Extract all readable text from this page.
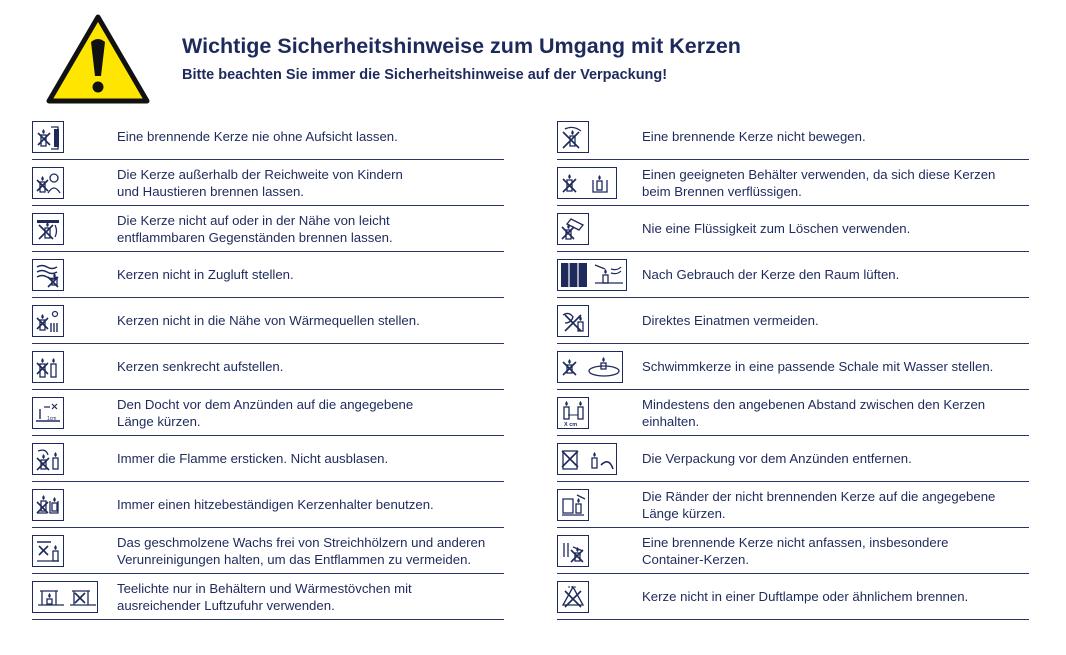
Wichtige Sicherheitshinweise zum Umgang mit Kerzen
Bitte beachten Sie immer die Sicherheitshinweise auf der Verpackung!
Eine brennende Kerze nie ohne Aufsicht lassen.
Die Kerze außerhalb der Reichweite von Kindern
und Haustieren brennen lassen.
Die Kerze nicht auf oder in der Nähe von leicht
entflammbaren Gegenständen brennen lassen.
Kerzen nicht in Zugluft stellen.
Kerzen nicht in die Nähe von Wärmequellen stellen.
Kerzen senkrecht aufstellen.
1cm
Den Docht vor dem Anzünden auf die angegebene
Länge kürzen.
Immer die Flamme ersticken. Nicht ausblasen.
Immer einen hitzebeständigen Kerzenhalter benutzen.
Das geschmolzene Wachs frei von Streichhölzern und anderen
Verunreinigungen halten, um das Entflammen zu vermeiden.
Teelichte nur in Behältern und Wärmestövchen mit
ausreichender Luftzufuhr verwenden.
Eine brennende Kerze nicht bewegen.
Einen geeigneten Behälter verwenden, da sich diese Kerzen
beim Brennen verflüssigen.
Nie eine Flüssigkeit zum Löschen verwenden.
Nach Gebrauch der Kerze den Raum lüften.
Direktes Einatmen vermeiden.
Schwimmkerze in eine passende Schale mit Wasser stellen.
X cm
Mindestens den angebenen Abstand zwischen den Kerzen
einhalten.
Die Verpackung vor dem Anzünden entfernen.
Die Ränder der nicht brennenden Kerze auf die angegebene
Länge kürzen.
Eine brennende Kerze nicht anfassen, insbesondere
Container-Kerzen.
Kerze nicht in einer Duftlampe oder ähnlichem brennen.
